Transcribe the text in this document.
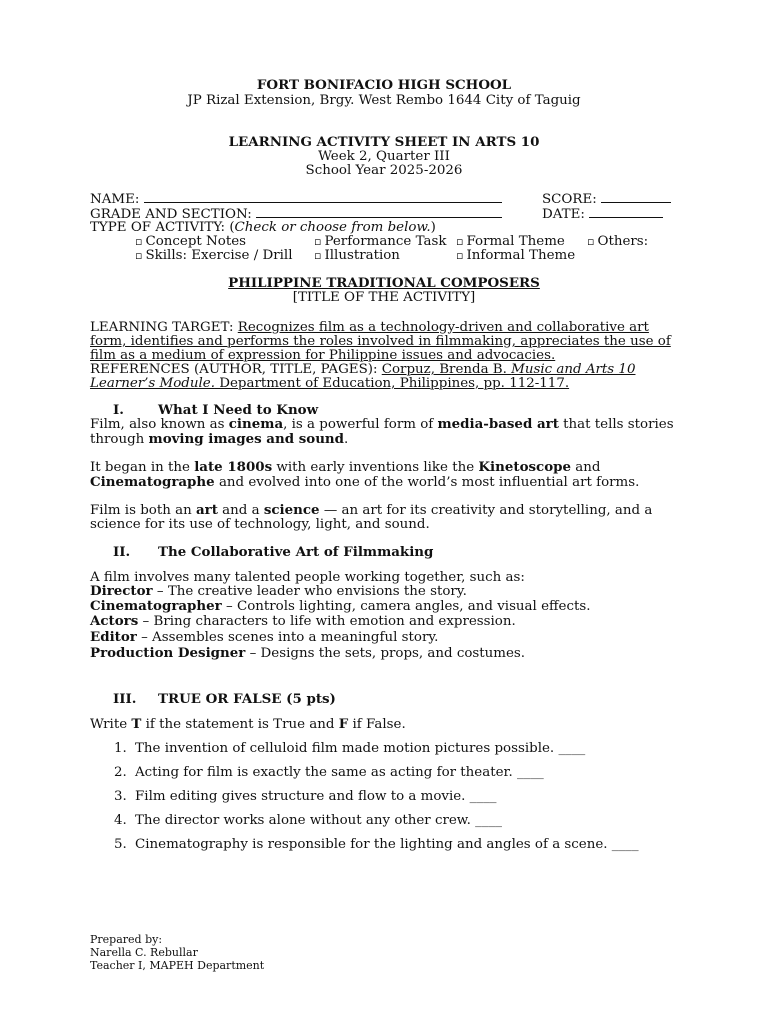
FORT BONIFACIO HIGH SCHOOL
JP Rizal Extension, Brgy. West Rembo 1644 City of Taguig
LEARNING ACTIVITY SHEET IN ARTS 10
Week 2, Quarter III
School Year 2025-2026
NAME:	SCORE:
GRADE AND SECTION:	DATE:
TYPE OF ACTIVITY: (Check or choose from below.)
▫ Concept Notes	▫ Performance Task ▫ Formal Theme ▫ Others:
▫ Skills: Exercise / Drill ▫ Illustration	▫ Informal Theme
PHILIPPINE TRADITIONAL COMPOSERS
[TITLE OF THE ACTIVITY]
LEARNING TARGET: Recognizes film as a technology-driven and collaborative art
form, identifies and performs the roles involved in filmmaking, appreciates the use of
film as a medium of expression for Philippine issues and advocacies.
REFERENCES (AUTHOR, TITLE, PAGES): Corpuz, Brenda B. Music and Arts 10
Learner’s Module. Department of Education, Philippines, pp. 112-117.
I.	What I Need to Know
Film, also known as cinema, is a powerful form of media-based art that tells stories
through moving images and sound.
It began in the late 1800s with early inventions like the Kinetoscope and
Cinematographe and evolved into one of the world’s most influential art forms.
Film is both an art and a science — an art for its creativity and storytelling, and a
science for its use of technology, light, and sound.
II. The Collaborative Art of Filmmaking
A film involves many talented people working together, such as:
Director – The creative leader who envisions the story.
Cinematographer – Controls lighting, camera angles, and visual effects.
Actors – Bring characters to life with emotion and expression.
Editor – Assembles scenes into a meaningful story.
Production Designer – Designs the sets, props, and costumes.
III. TRUE OR FALSE (5 pts)
Write T if the statement is True and F if False.
1. The invention of celluloid film made motion pictures possible. ____
2. Acting for film is exactly the same as acting for theater. ____
3. Film editing gives structure and flow to a movie. ____
4. The director works alone without any other crew. ____
5. Cinematography is responsible for the lighting and angles of a scene. ____
Prepared by:
Narella C. Rebullar
Teacher I, MAPEH Department
